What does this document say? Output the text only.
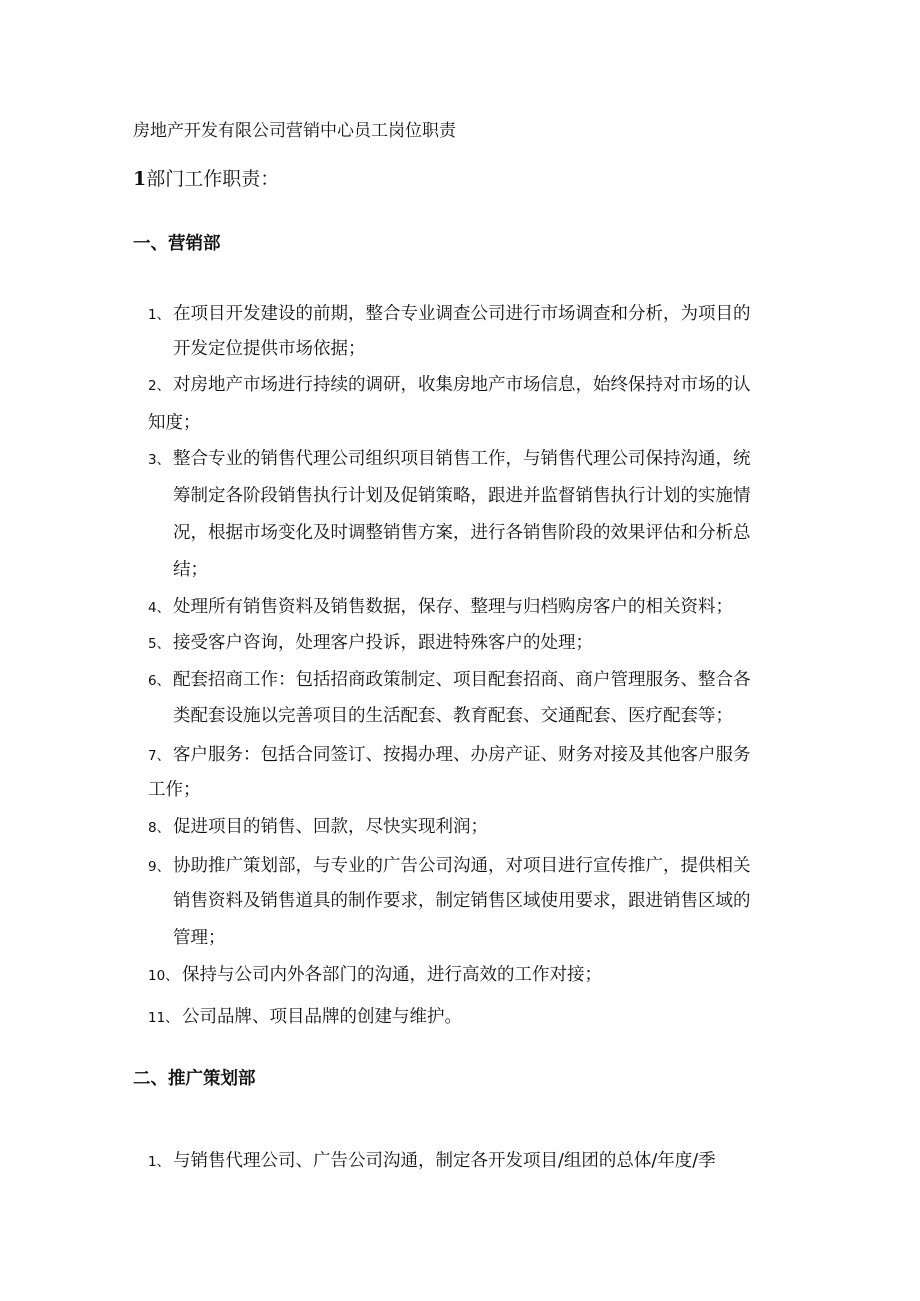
房地产开发有限公司营销中心员工岗位职责
1部门工作职责：
一、营销部
1、 在项目开发建设的前期，整合专业调查公司进行市场调查和分析，为项目的
开发定位提供市场依据；
2、 对房地产市场进行持续的调研，收集房地产市场信息，始终保持对市场的认
知度；
3、 整合专业的销售代理公司组织项目销售工作，与销售代理公司保持沟通，统
筹制定各阶段销售执行计划及促销策略，跟进并监督销售执行计划的实施情
况，根据市场变化及时调整销售方案，进行各销售阶段的效果评估和分析总
结；
4、 处理所有销售资料及销售数据，保存、整理与归档购房客户的相关资料；
5、 接受客户咨询，处理客户投诉，跟进特殊客户的处理；
6、 配套招商工作：包括招商政策制定、项目配套招商、商户管理服务、整合各
类配套设施以完善项目的生活配套、教育配套、交通配套、医疗配套等；
7、 客户服务：包括合同签订、按揭办理、办房产证、财务对接及其他客户服务
工作；
8、 促进项目的销售、回款，尽快实现利润；
9、 协助推广策划部，与专业的广告公司沟通，对项目进行宣传推广，提供相关
销售资料及销售道具的制作要求，制定销售区域使用要求，跟进销售区域的
管理；
10、 保持与公司内外各部门的沟通，进行高效的工作对接；
11、 公司品牌、项目品牌的创建与维护。
二、推广策划部
1、 与销售代理公司、广告公司沟通，制定各开发项目/组团的总体/年度/季
